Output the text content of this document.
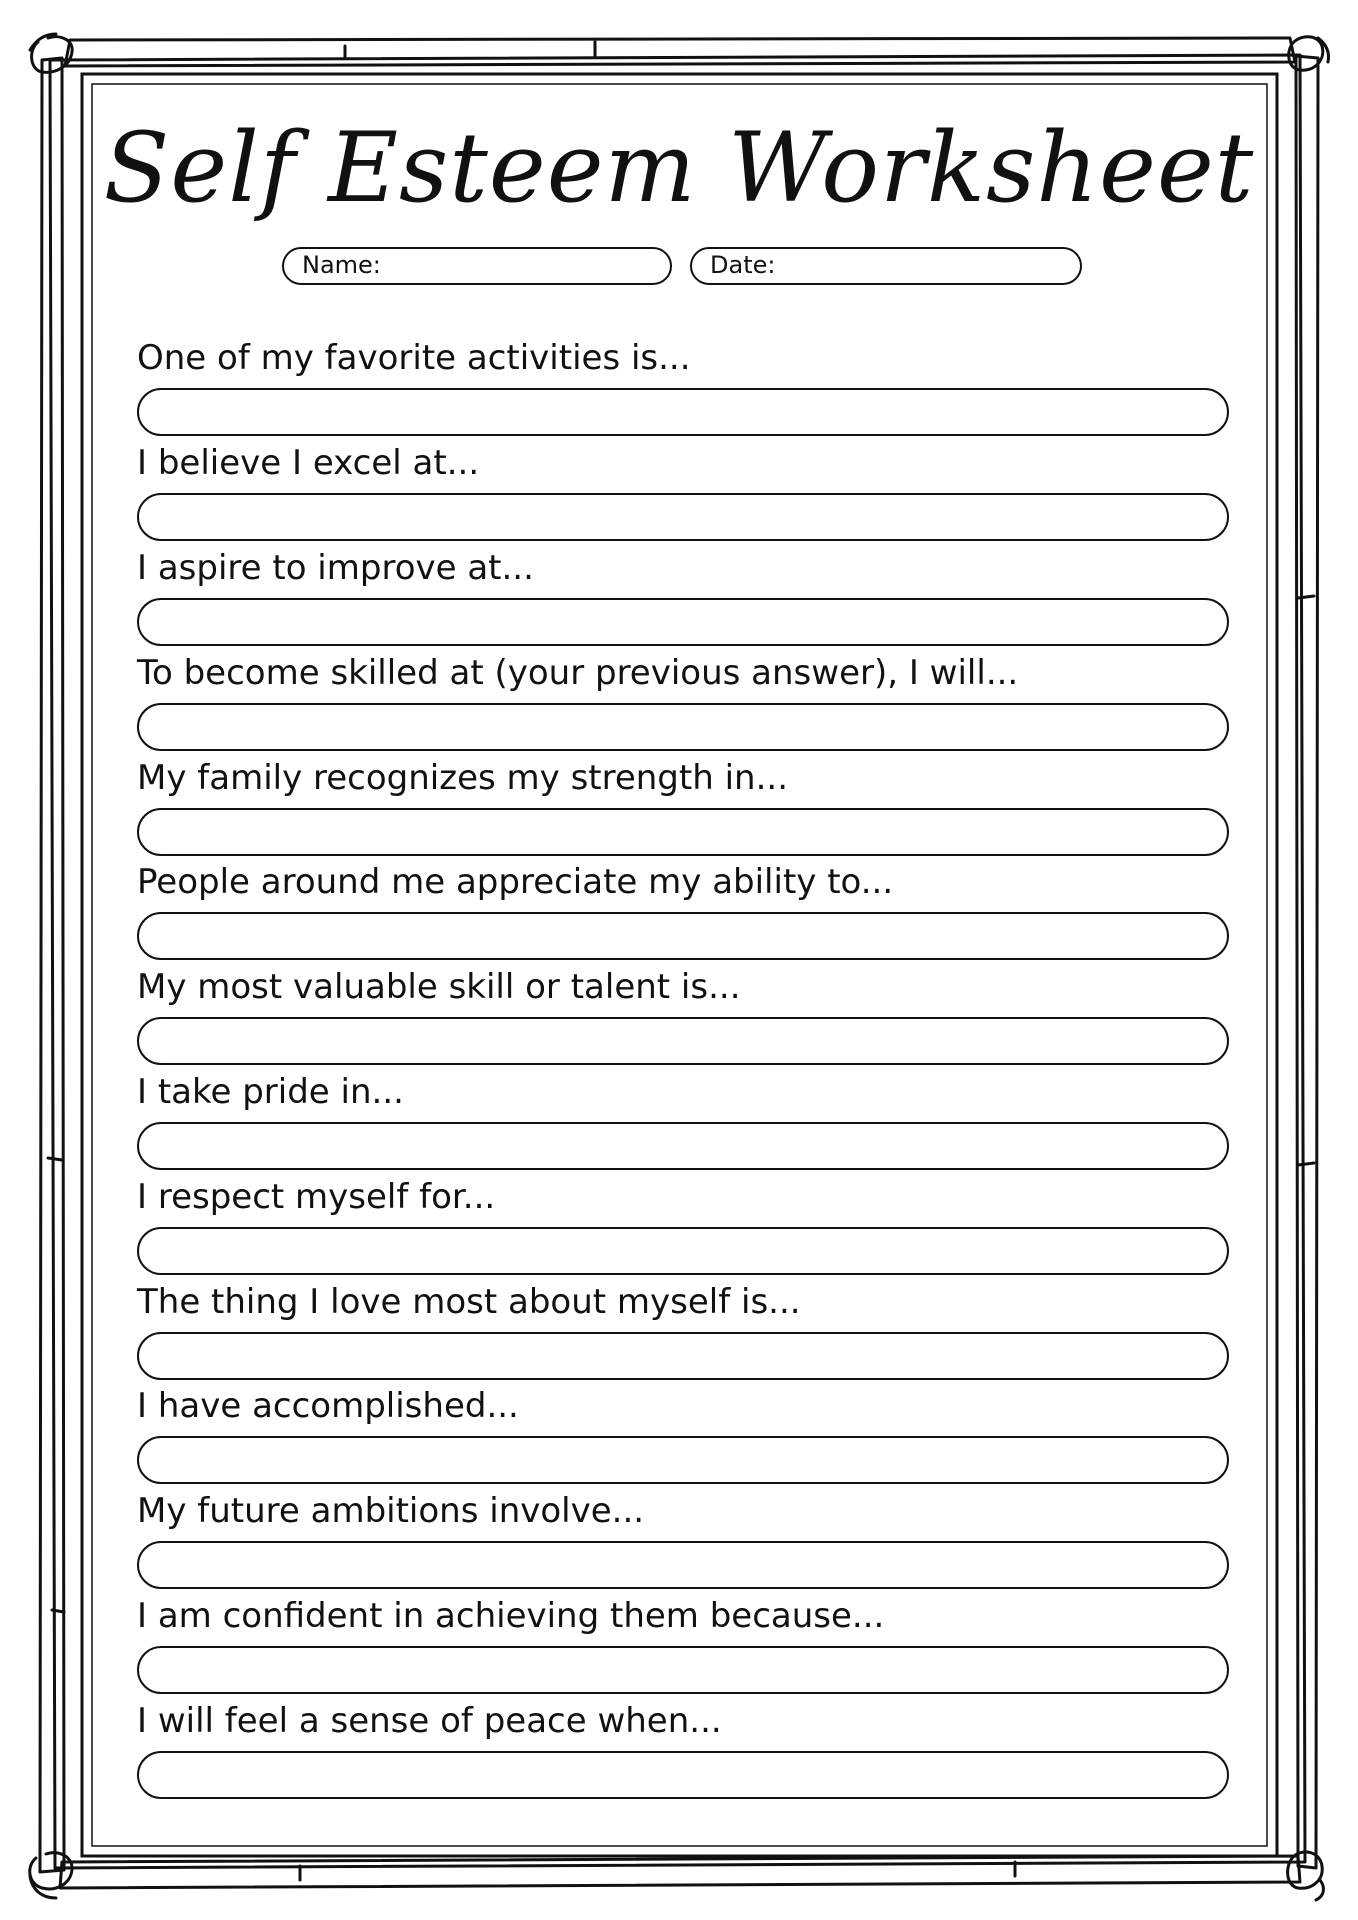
Self Esteem Worksheet
Name:	Date:
One of my favorite activities is...
I believe I excel at...
I aspire to improve at...
To become skilled at (your previous answer), I will...
My family recognizes my strength in...
People around me appreciate my ability to...
My most valuable skill or talent is...
I take pride in...
I respect myself for...
The thing I love most about myself is...
I have accomplished...
My future ambitions involve...
I am confident in achieving them because...
I will feel a sense of peace when...
